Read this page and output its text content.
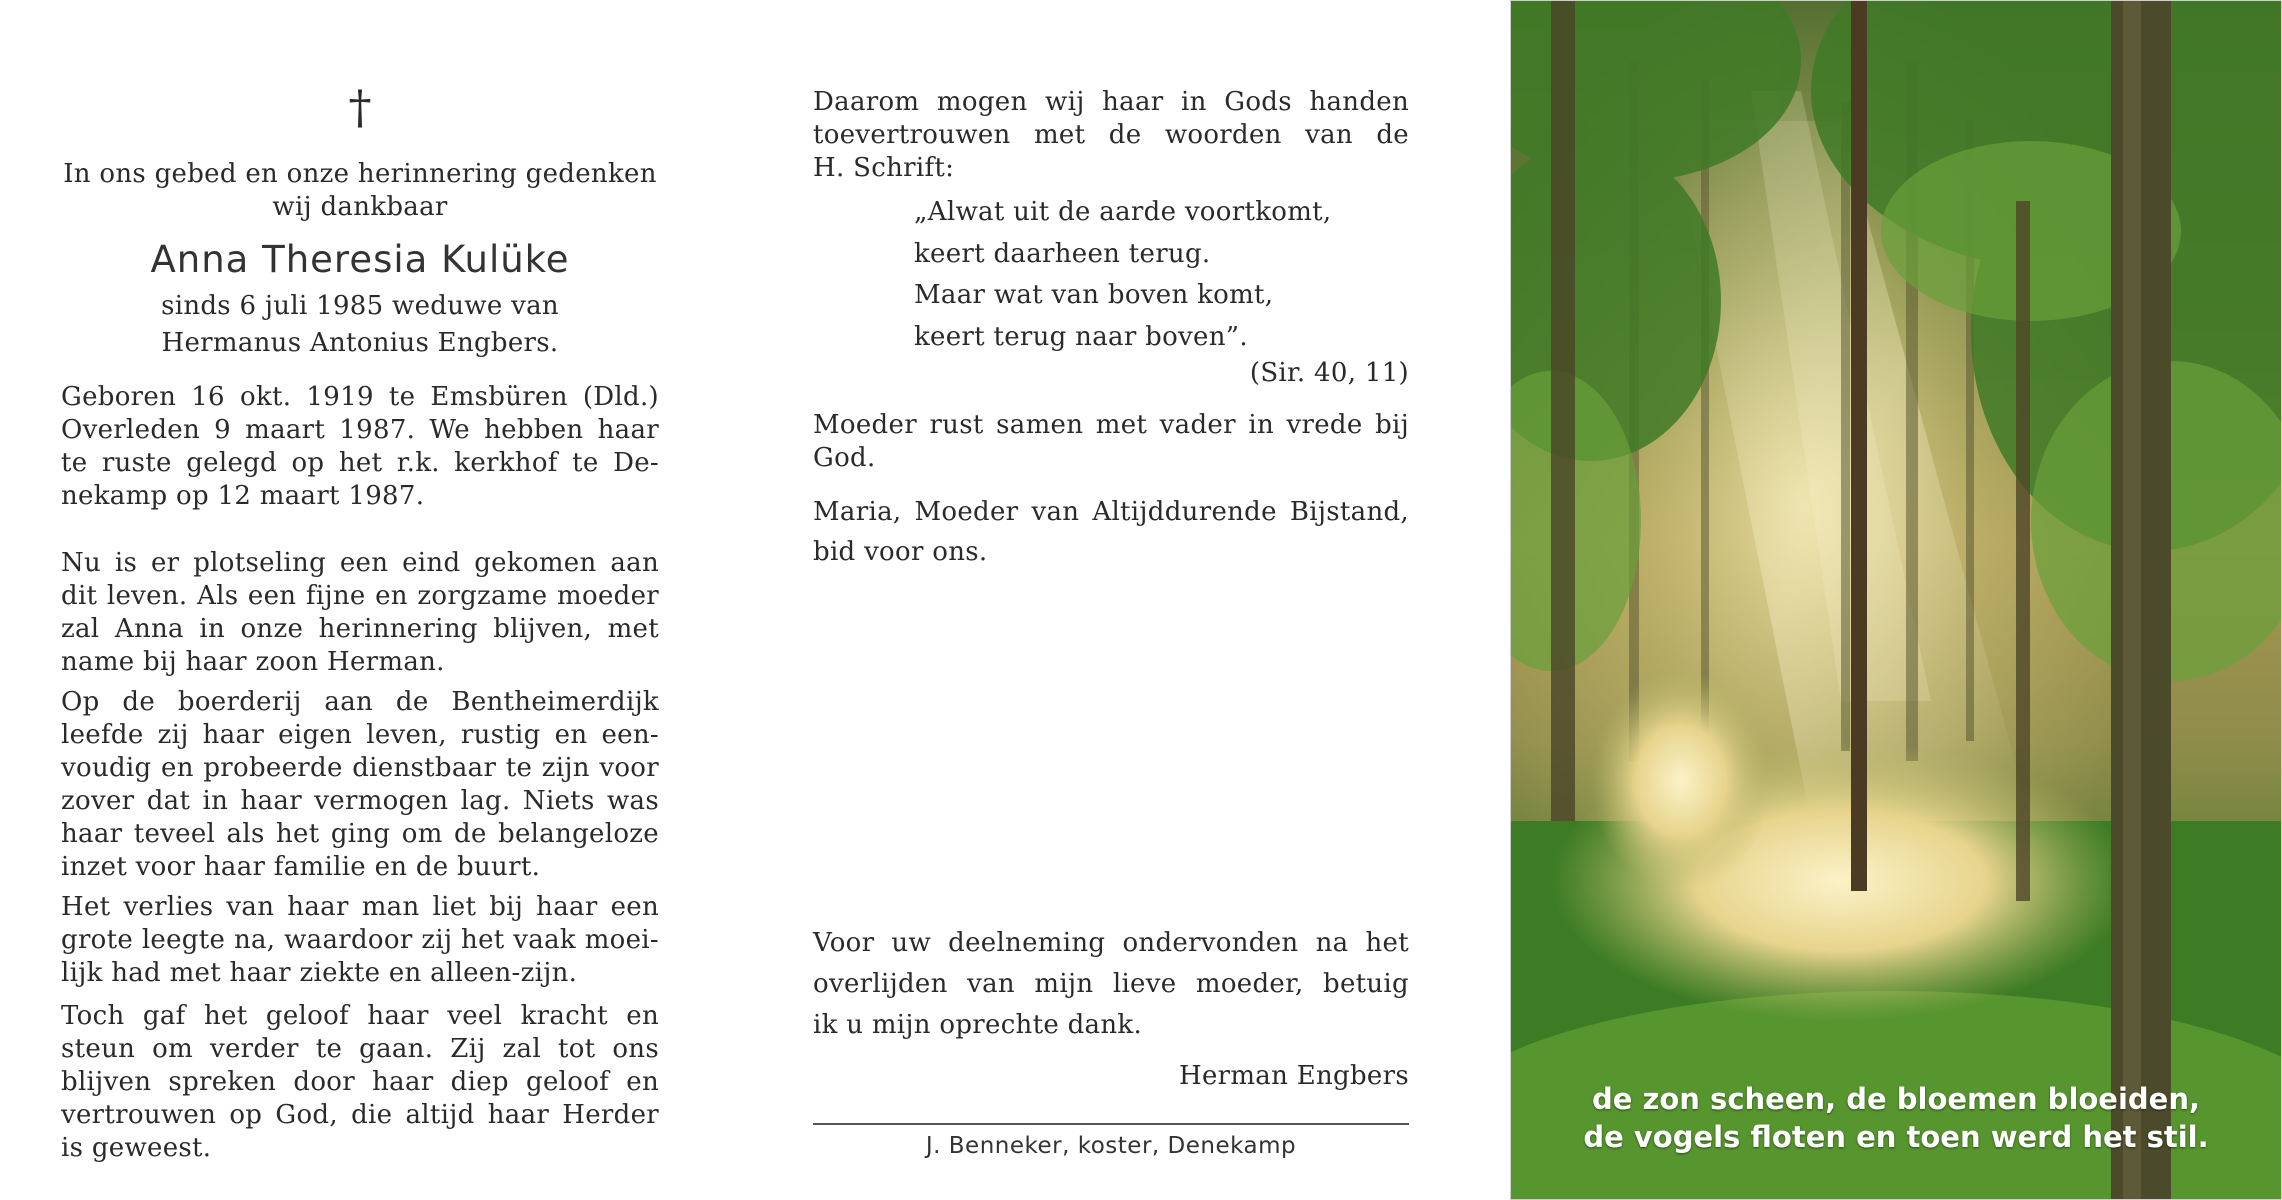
†
In ons gebed en onze herinnering gedenken
wij dankbaar
Anna Theresia Kulüke
sinds 6 juli 1985 weduwe van
Hermanus Antonius Engbers.
Geboren 16 okt. 1919 te Emsbüren (Dld.)
Overleden 9 maart 1987. We hebben haar
te ruste gelegd op het r.k. kerkhof te De-
nekamp op 12 maart 1987.
Nu is er plotseling een eind gekomen aan
dit leven. Als een fijne en zorgzame moeder
zal Anna in onze herinnering blijven, met
name bij haar zoon Herman.
Op de boerderij aan de Bentheimerdijk
leefde zij haar eigen leven, rustig en een-
voudig en probeerde dienstbaar te zijn voor
zover dat in haar vermogen lag. Niets was
haar teveel als het ging om de belangeloze
inzet voor haar familie en de buurt.
Het verlies van haar man liet bij haar een
grote leegte na, waardoor zij het vaak moei-
lijk had met haar ziekte en alleen-zijn.
Toch gaf het geloof haar veel kracht en
steun om verder te gaan. Zij zal tot ons
blijven spreken door haar diep geloof en
vertrouwen op God, die altijd haar Herder
is geweest.
Daarom mogen wij haar in Gods handen
toevertrouwen met de woorden van de
H. Schrift:
„Alwat uit de aarde voortkomt,
keert daarheen terug.
Maar wat van boven komt,
keert terug naar boven”.
(Sir. 40, 11)
Moeder rust samen met vader in vrede bij
God.
Maria, Moeder van Altijddurende Bijstand,
bid voor ons.
Voor uw deelneming ondervonden na het
overlijden van mijn lieve moeder, betuig
ik u mijn oprechte dank.
Herman Engbers
J. Benneker, koster, Denekamp
de zon scheen, de bloemen bloeiden,
de vogels floten en toen werd het stil.
